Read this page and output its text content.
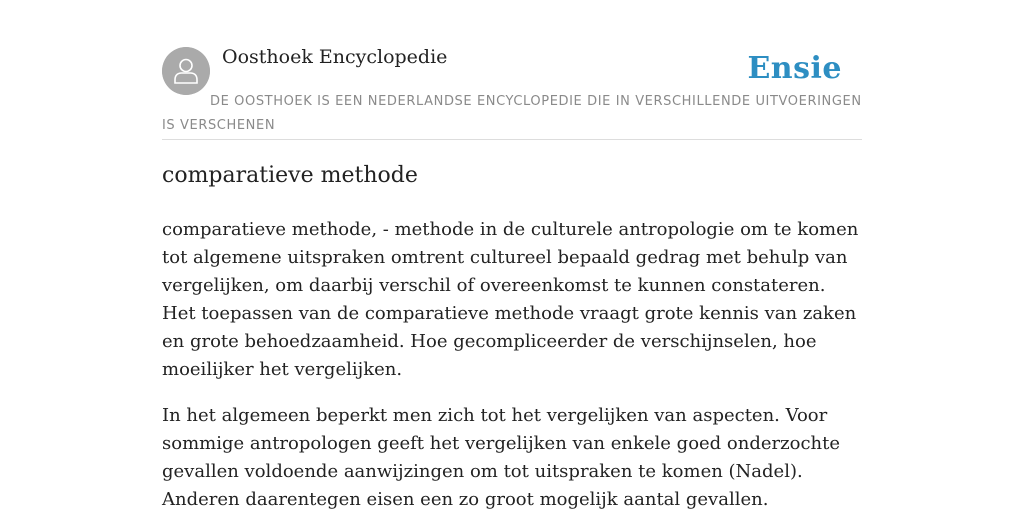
Oosthoek Encyclopedie	Ensie
DE OOSTHOEK IS EEN NEDERLANDSE ENCYCLOPEDIE DIE IN VERSCHILLENDE UITVOERINGEN IS VERSCHENEN
comparatieve methode

comparatieve methode, - methode in de culturele antropologie om te komen tot algemene uitspraken omtrent cultureel bepaald gedrag met behulp van vergelijken, om daarbij verschil of overeenkomst te kunnen constateren. Het toepassen van de comparatieve methode vraagt grote kennis van zaken en grote behoedzaamheid. Hoe gecompliceerder de verschijnselen, hoe moeilijker het vergelijken.

In het algemeen beperkt men zich tot het vergelijken van aspecten. Voor sommige antropologen geeft het vergelijken van enkele goed onderzochte gevallen voldoende aanwijzingen om tot uitspraken te komen (Nadel). Anderen daarentegen eisen een zo groot mogelijk aantal gevallen.
